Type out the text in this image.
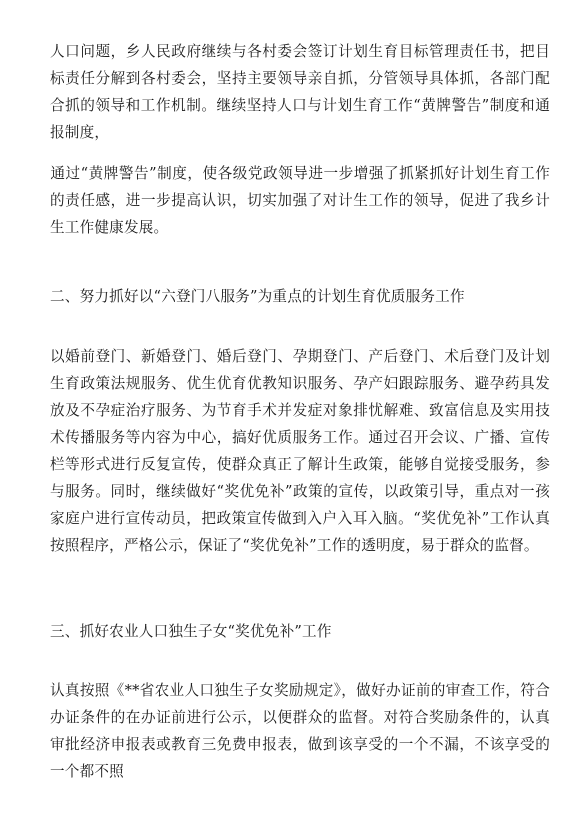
人口问题，乡人民政府继续与各村委会签订计划生育目标管理责任书，把目标责任分解到各村委会，坚持主要领导亲自抓，分管领导具体抓，各部门配合抓的领导和工作机制。继续坚持人口与计划生育工作“黄牌警告”制度和通报制度，

通过“黄牌警告”制度，使各级党政领导进一步增强了抓紧抓好计划生育工作的责任感，进一步提高认识，切实加强了对计生工作的领导，促进了我乡计生工作健康发展。

二、努力抓好以“六登门八服务”为重点的计划生育优质服务工作

以婚前登门、新婚登门、婚后登门、孕期登门、产后登门、术后登门及计划生育政策法规服务、优生优育优教知识服务、孕产妇跟踪服务、避孕药具发放及不孕症治疗服务、为节育手术并发症对象排忧解难、致富信息及实用技术传播服务等内容为中心，搞好优质服务工作。通过召开会议、广播、宣传栏等形式进行反复宣传，使群众真正了解计生政策，能够自觉接受服务，参与服务。同时，继续做好“奖优免补”政策的宣传，以政策引导，重点对一孩家庭户进行宣传动员，把政策宣传做到入户入耳入脑。“奖优免补”工作认真按照程序，严格公示，保证了“奖优免补”工作的透明度，易于群众的监督。

三、抓好农业人口独生子女“奖优免补”工作

认真按照《**省农业人口独生子女奖励规定》，做好办证前的审查工作，符合办证条件的在办证前进行公示，以便群众的监督。对符合奖励条件的，认真审批经济申报表或教育三免费申报表，做到该享受的一个不漏，不该享受的一个都不照
